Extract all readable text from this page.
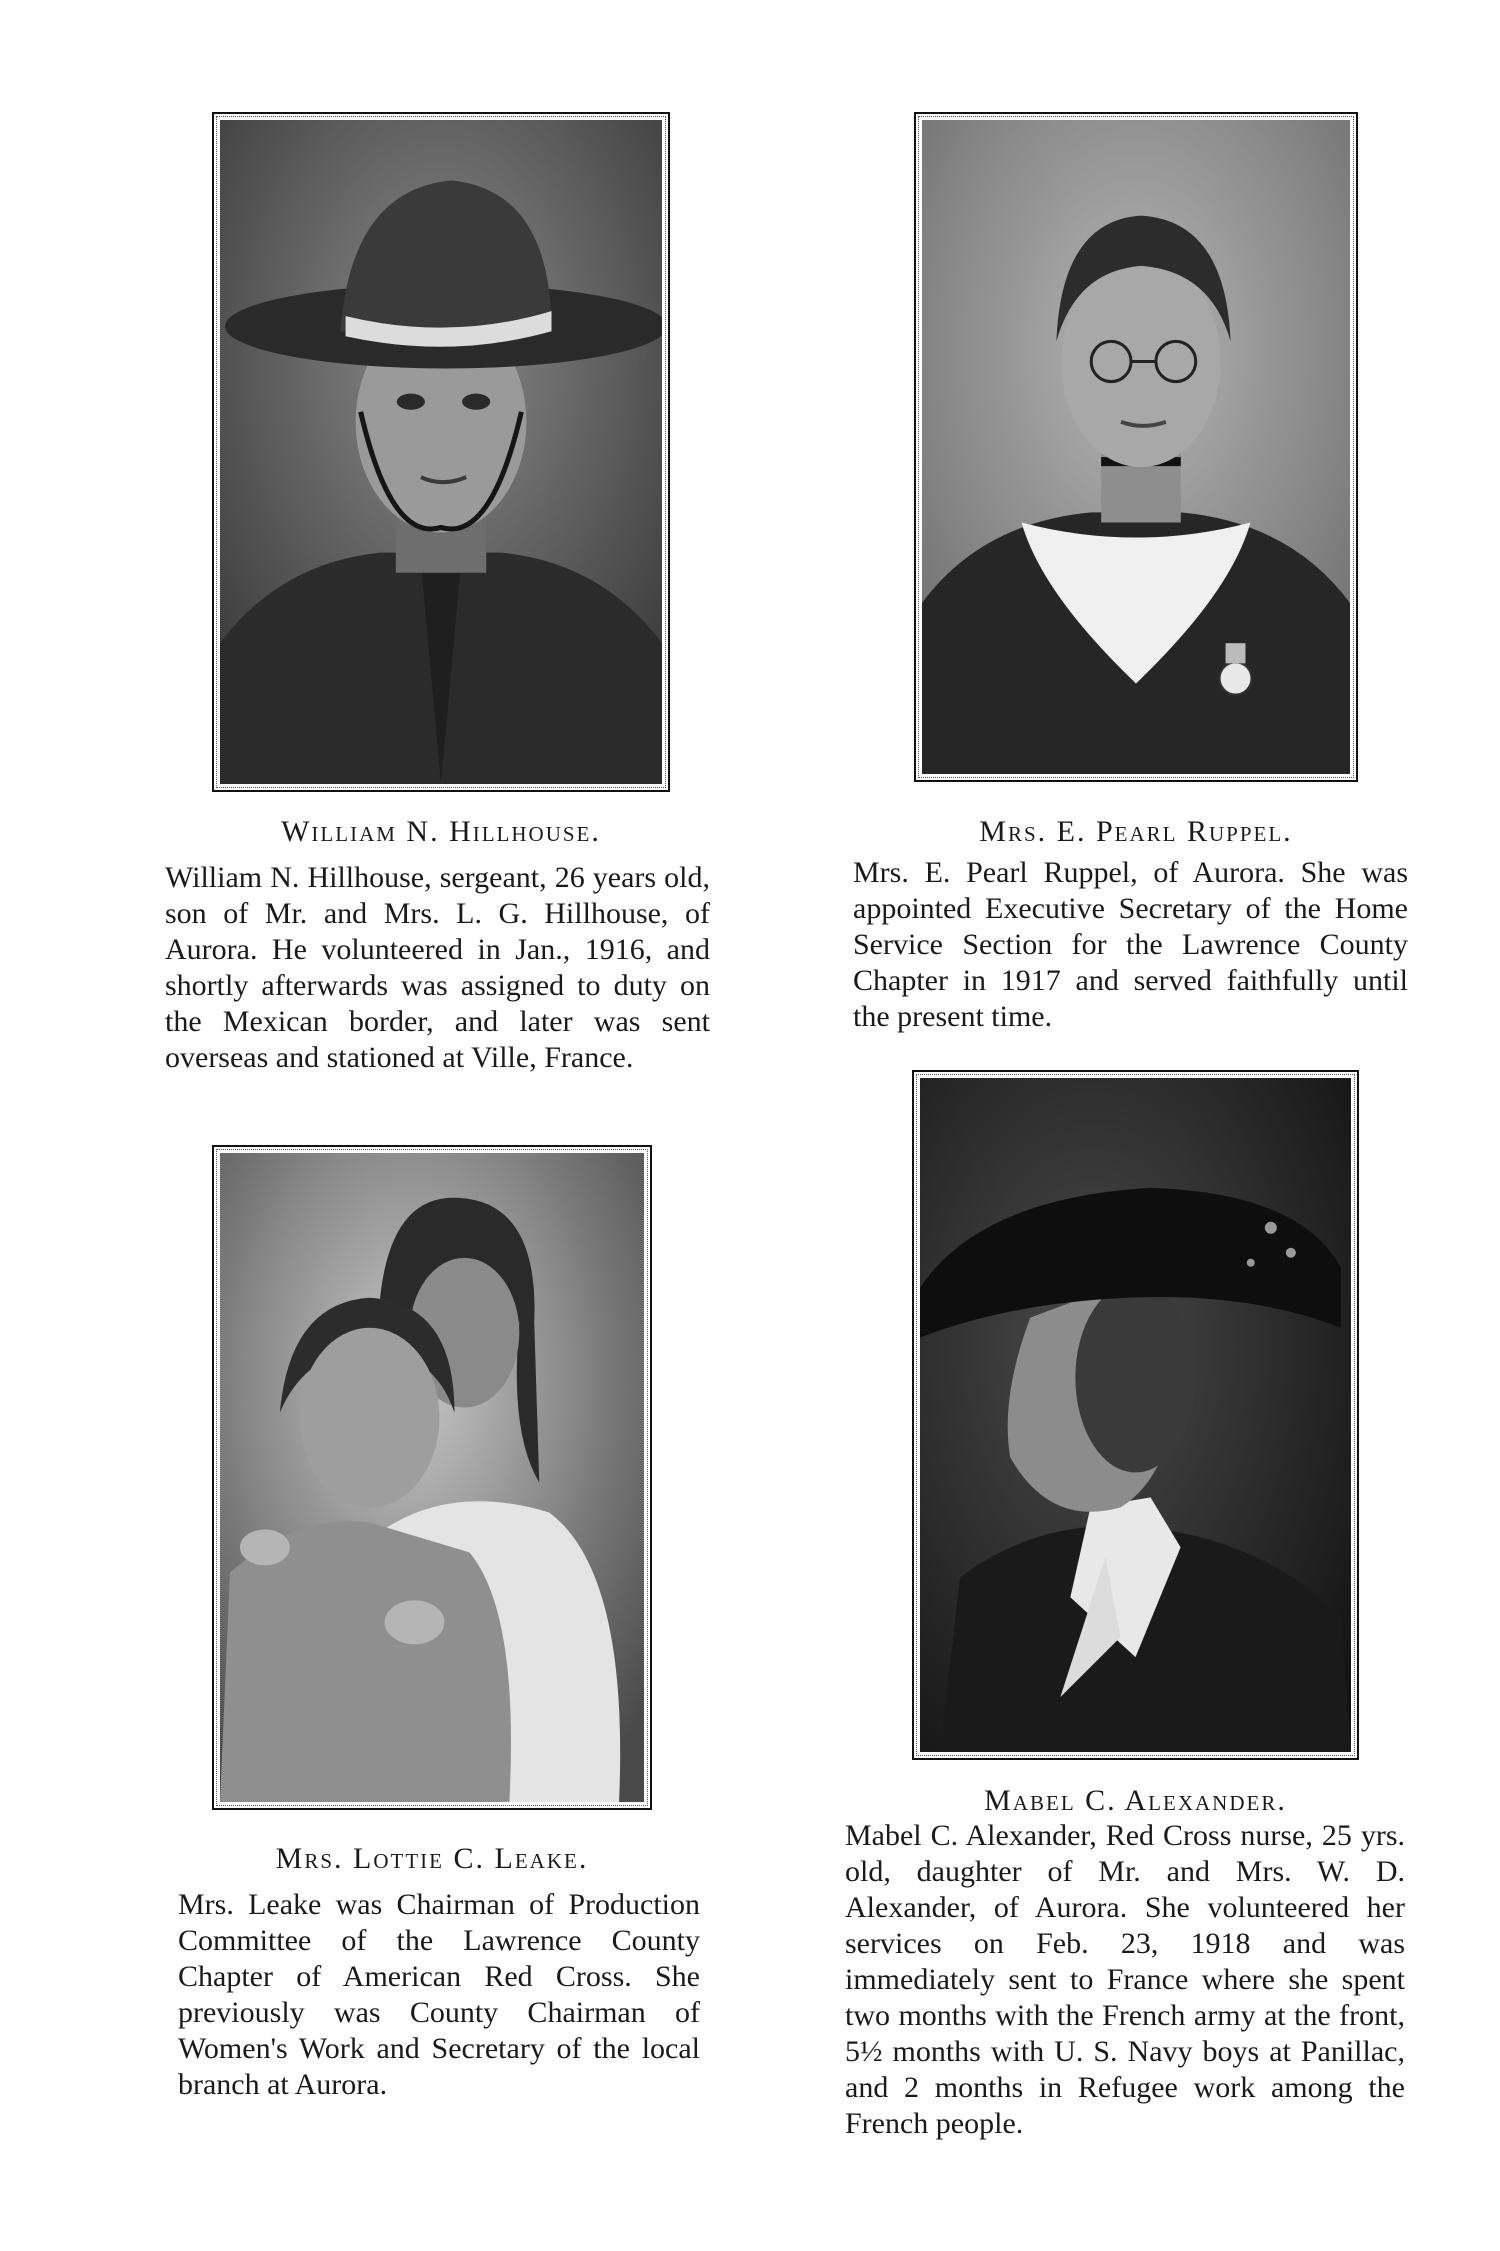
William N. Hillhouse.

William N. Hillhouse, sergeant, 26 years old, son of Mr. and Mrs. L. G. Hillhouse, of Aurora. He volunteered in Jan., 1916, and shortly afterwards was assigned to duty on the Mexican border, and later was sent overseas and stationed at Ville, France.

Mrs. E. Pearl Ruppel.

Mrs. E. Pearl Ruppel, of Aurora. She was appointed Executive Secretary of the Home Service Section for the Lawrence County Chapter in 1917 and served faithfully until the present time.

Mrs. Lottie C. Leake.

Mrs. Leake was Chairman of Production Committee of the Lawrence County Chapter of American Red Cross. She previously was County Chairman of Women's Work and Secretary of the local branch at Aurora.

Mabel C. Alexander.

Mabel C. Alexander, Red Cross nurse, 25 yrs. old, daughter of Mr. and Mrs. W. D. Alexander, of Aurora. She volunteered her services on Feb. 23, 1918 and was immediately sent to France where she spent two months with the French army at the front, 5½ months with U. S. Navy boys at Panillac, and 2 months in Refugee work among the French people.
